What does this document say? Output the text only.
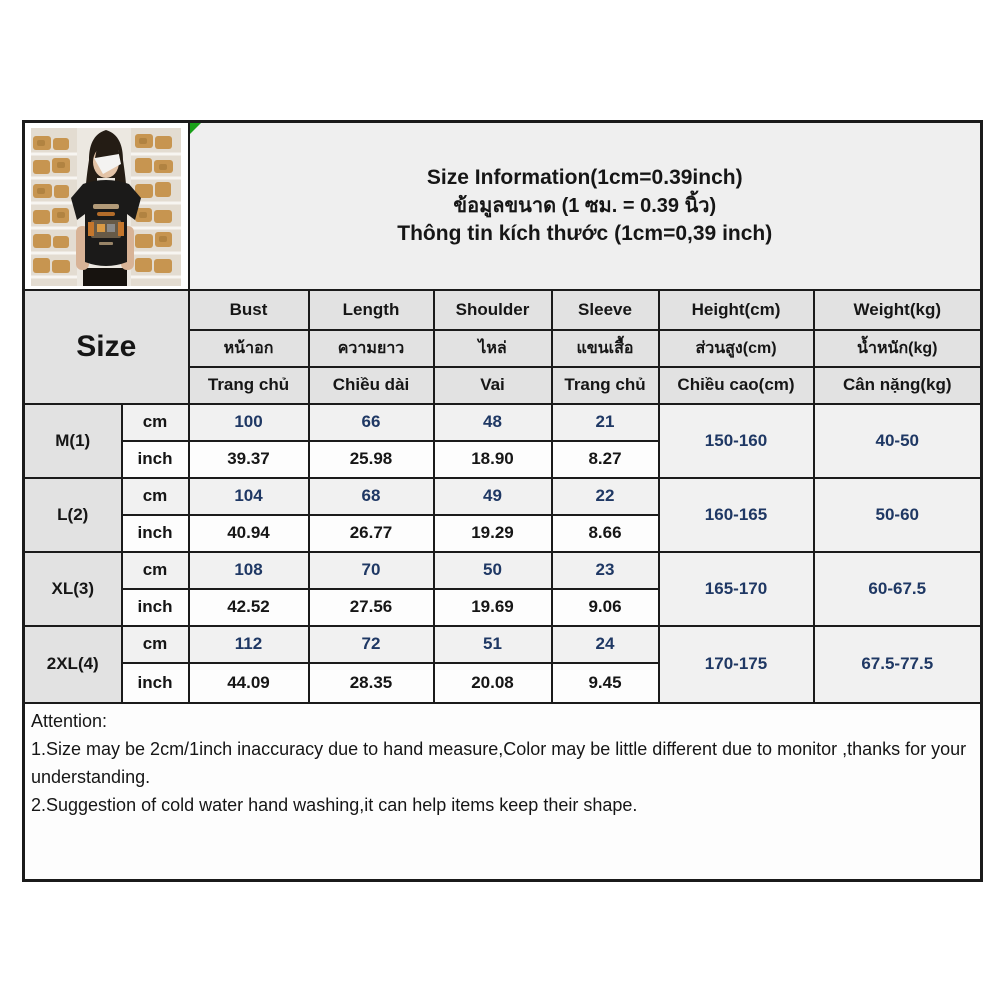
Size Information(1cm=0.39inch)
ข้อมูลขนาด (1 ซม. = 0.39 นิ้ว)
Thông tin kích thước (1cm=0,39 inch)					

Size		Bust	Length	Shoulder	Sleeve	Height(cm)	Weight(kg)
		หน้าอก	ความยาว	ไหล่	แขนเสื้อ	ส่วนสูง(cm)	น้ำหนัก(kg)
		Trang chủ	Chiều dài	Vai	Trang chủ	Chiều cao(cm)	Cân nặng(kg)
M(1)	cm	100	66	48	21	150-160	40-50
	inch	39.37	25.98	18.90	8.27		
L(2)	cm	104	68	49	22	160-165	50-60
	inch	40.94	26.77	19.29	8.66		
XL(3)	cm	108	70	50	23	165-170	60-67.5
	inch	42.52	27.56	19.69	9.06		
2XL(4)	cm	112	72	51	24	170-175	67.5-77.5
	inch	44.09	28.35	20.08	9.45		

Attention:

1.Size may be 2cm/1inch inaccuracy due to hand measure,Color may be little different due to monitor ,thanks for your understanding.

2.Suggestion of cold water hand washing,it can help items keep their shape.							
